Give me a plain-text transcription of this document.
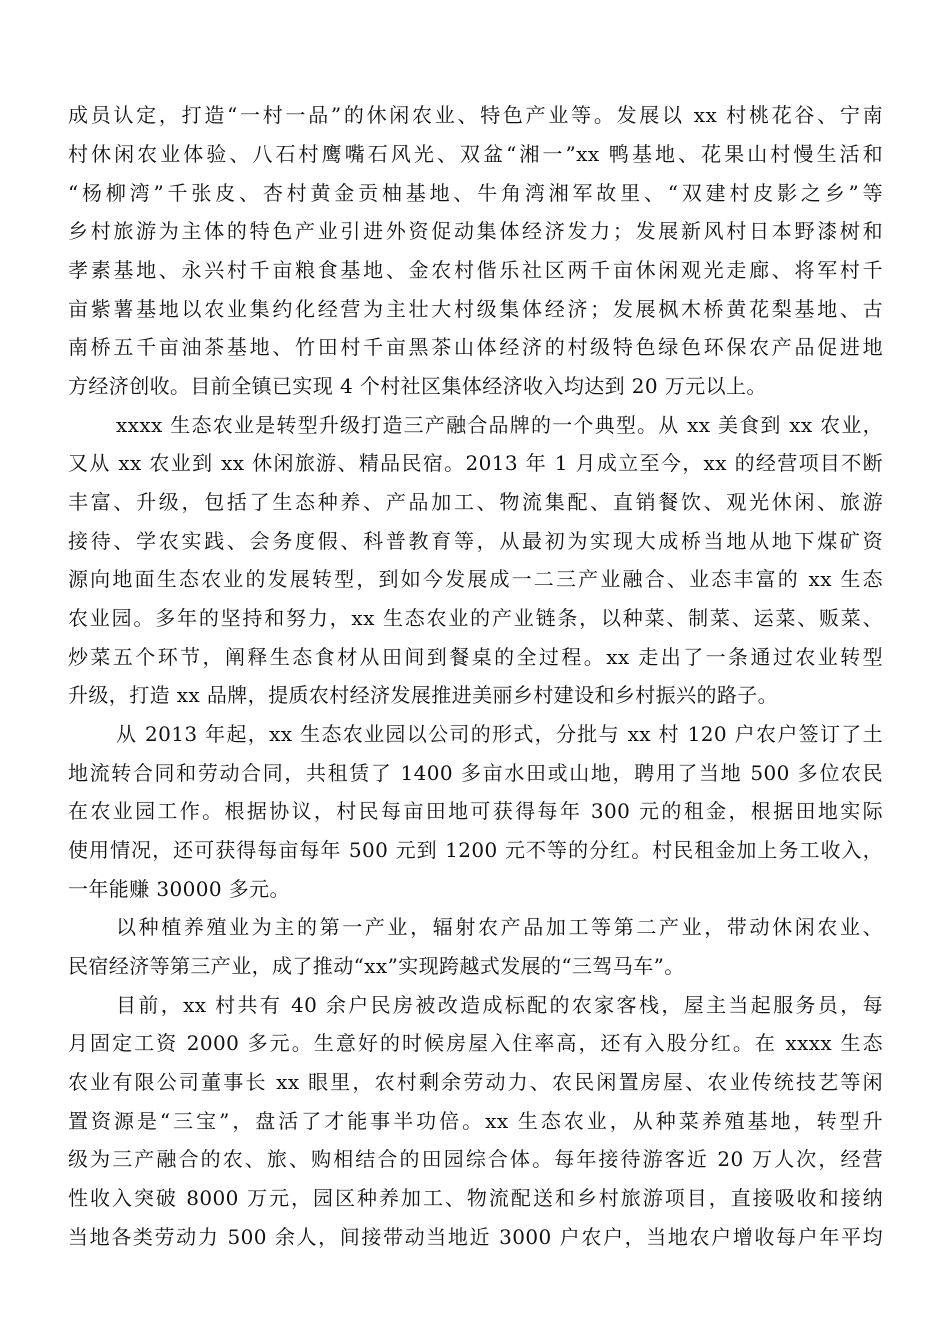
成员认定，打造“一村一品”的休闲农业、特色产业等。发展以 xx 村桃花谷、宁南
村休闲农业体验、八石村鹰嘴石风光、双盆“湘一”xx 鸭基地、花果山村慢生活和
“杨柳湾”千张皮、杏村黄金贡柚基地、牛角湾湘军故里、“双建村皮影之乡”等
乡村旅游为主体的特色产业引进外资促动集体经济发力；发展新风村日本野漆树和
孝素基地、永兴村千亩粮食基地、金农村偕乐社区两千亩休闲观光走廊、将军村千
亩紫薯基地以农业集约化经营为主壮大村级集体经济；发展枫木桥黄花梨基地、古
南桥五千亩油茶基地、竹田村千亩黑茶山体经济的村级特色绿色环保农产品促进地
方经济创收。目前全镇已实现 4 个村社区集体经济收入均达到 20 万元以上。
xxxx 生态农业是转型升级打造三产融合品牌的一个典型。从 xx 美食到 xx 农业，
又从 xx 农业到 xx 休闲旅游、精品民宿。2013 年 1 月成立至今，xx 的经营项目不断
丰富、升级，包括了生态种养、产品加工、物流集配、直销餐饮、观光休闲、旅游
接待、学农实践、会务度假、科普教育等，从最初为实现大成桥当地从地下煤矿资
源向地面生态农业的发展转型，到如今发展成一二三产业融合、业态丰富的 xx 生态
农业园。多年的坚持和努力，xx 生态农业的产业链条，以种菜、制菜、运菜、贩菜、
炒菜五个环节，阐释生态食材从田间到餐桌的全过程。xx 走出了一条通过农业转型
升级，打造 xx 品牌，提质农村经济发展推进美丽乡村建设和乡村振兴的路子。
从 2013 年起，xx 生态农业园以公司的形式，分批与 xx 村 120 户农户签订了土
地流转合同和劳动合同，共租赁了 1400 多亩水田或山地，聘用了当地 500 多位农民
在农业园工作。根据协议，村民每亩田地可获得每年 300 元的租金，根据田地实际
使用情况，还可获得每亩每年 500 元到 1200 元不等的分红。村民租金加上务工收入，
一年能赚 30000 多元。
以种植养殖业为主的第一产业，辐射农产品加工等第二产业，带动休闲农业、
民宿经济等第三产业，成了推动“xx”实现跨越式发展的“三驾马车”。
目前，xx 村共有 40 余户民房被改造成标配的农家客栈，屋主当起服务员，每
月固定工资 2000 多元。生意好的时候房屋入住率高，还有入股分红。在 xxxx 生态
农业有限公司董事长 xx 眼里，农村剩余劳动力、农民闲置房屋、农业传统技艺等闲
置资源是“三宝”，盘活了才能事半功倍。xx 生态农业，从种菜养殖基地，转型升
级为三产融合的农、旅、购相结合的田园综合体。每年接待游客近 20 万人次，经营
性收入突破 8000 万元，园区种养加工、物流配送和乡村旅游项目，直接吸收和接纳
当地各类劳动力 500 余人，间接带动当地近 3000 户农户，当地农户增收每户年平均
